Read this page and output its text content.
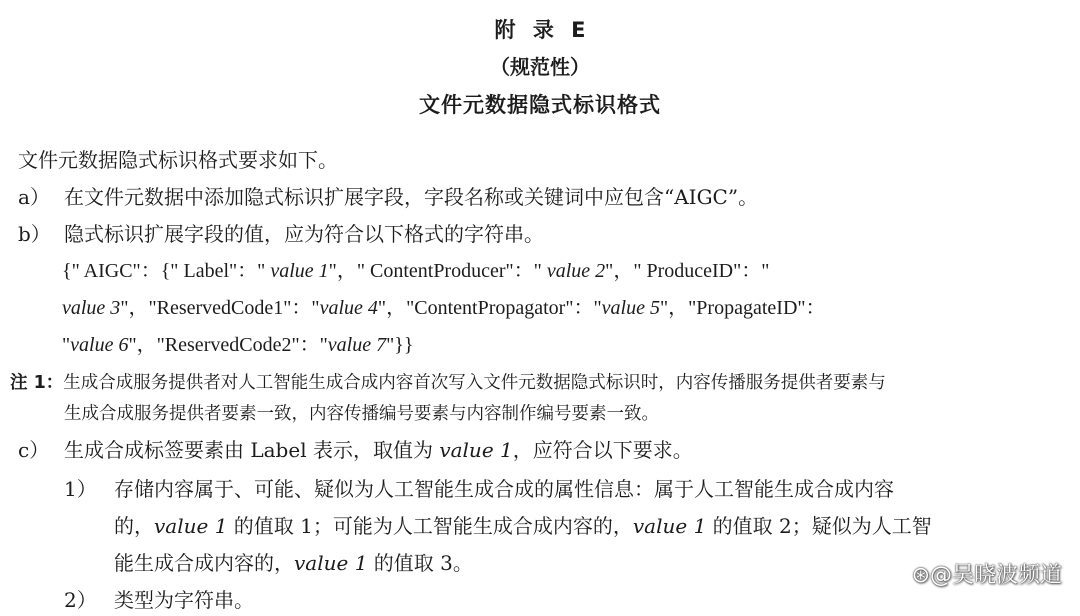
附 录 E
（规范性）
文件元数据隐式标识格式
文件元数据隐式标识格式要求如下。
a） 在文件元数据中添加隐式标识扩展字段，字段名称或关键词中应包含“AIGC”。
b） 隐式标识扩展字段的值，应为符合以下格式的字符串。
{" AIGC"：{" Label"：" value 1"，" ContentProducer"：" value 2"，" ProduceID"："
value 3"，"ReservedCode1"："value 4"，"ContentPropagator"："value 5"，"PropagateID"：
"value 6"，"ReservedCode2"："value 7"}}
注 1：生成合成服务提供者对人工智能生成合成内容首次写入文件元数据隐式标识时，内容传播服务提供者要素与
生成合成服务提供者要素一致，内容传播编号要素与内容制作编号要素一致。
c） 生成合成标签要素由 Label 表示，取值为 value 1，应符合以下要求。
1） 存储内容属于、可能、疑似为人工智能生成合成的属性信息：属于人工智能生成合成内容
的，value 1 的值取 1；可能为人工智能生成合成内容的，value 1 的值取 2；疑似为人工智
能生成合成内容的，value 1 的值取 3。
2） 类型为字符串。
⊛@吴晓波频道
